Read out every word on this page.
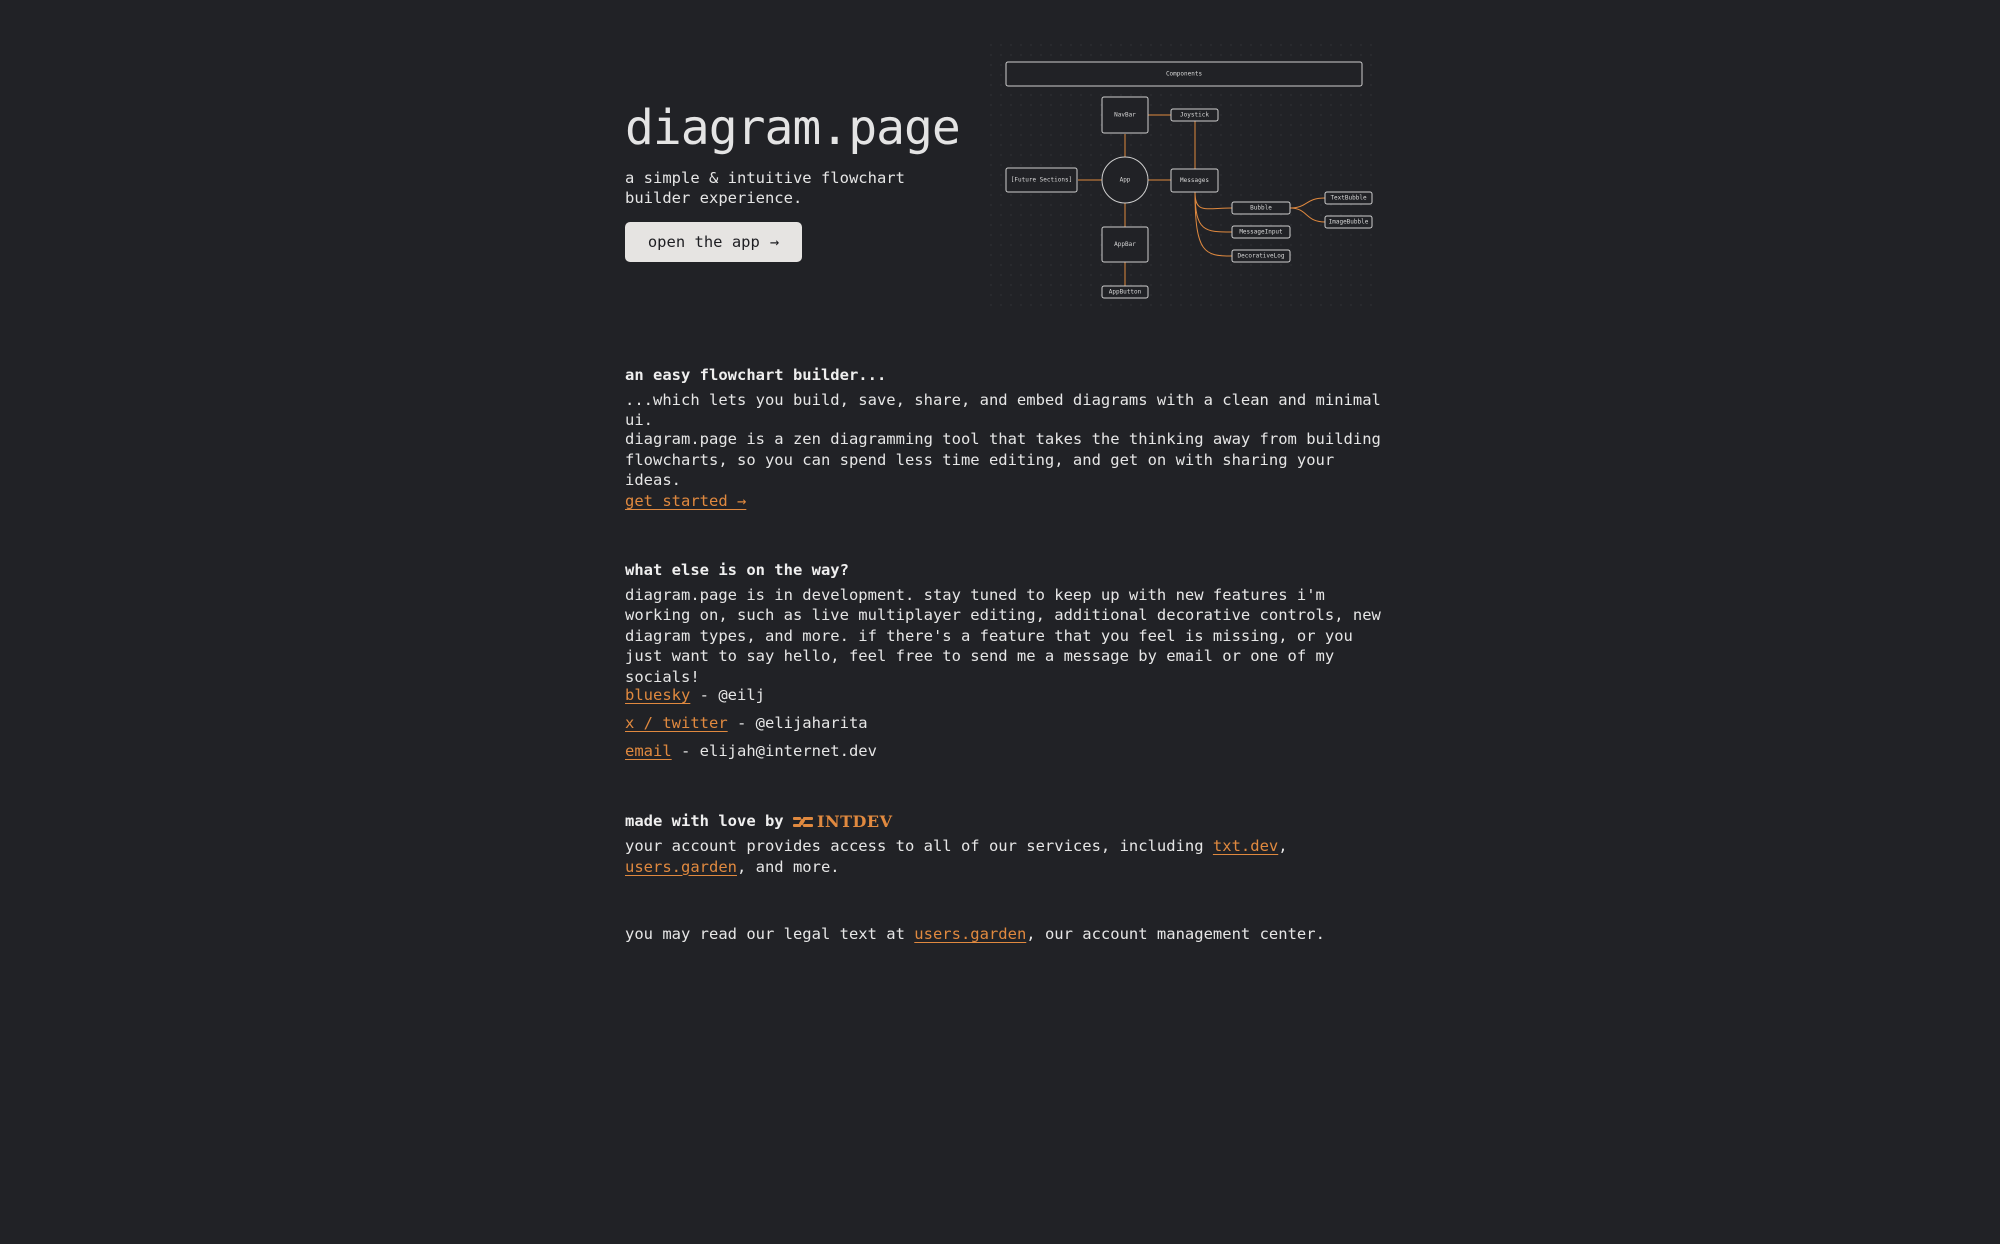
diagram.page
a simple & intuitive flowchart
builder experience.
open the app →
Components
NavBar	Joystick
[Future Sections]	App	Messages
Bubble
TextBubble
ImageBubble
MessageInput
DecorativeLog
AppBar
AppButton
an easy flowchart builder...
...which lets you build, save, share, and embed diagrams with a clean and minimal ui.
diagram.page is a zen diagramming tool that takes the thinking away from building flowcharts, so you can spend less time editing, and get on with sharing your ideas.
get started →
what else is on the way?
diagram.page is in development. stay tuned to keep up with new features i'm working on, such as live multiplayer editing, additional decorative controls, new diagram types, and more. if there's a feature that you feel is missing, or you just want to say hello, feel free to send me a message by email or one of my socials!
bluesky - @eilj
x / twitter - @elijaharita
email - elijah@internet.dev
made with love by INTDEV
your account provides access to all of our services, including txt.dev, users.garden, and more.
you may read our legal text at users.garden, our account management center.
